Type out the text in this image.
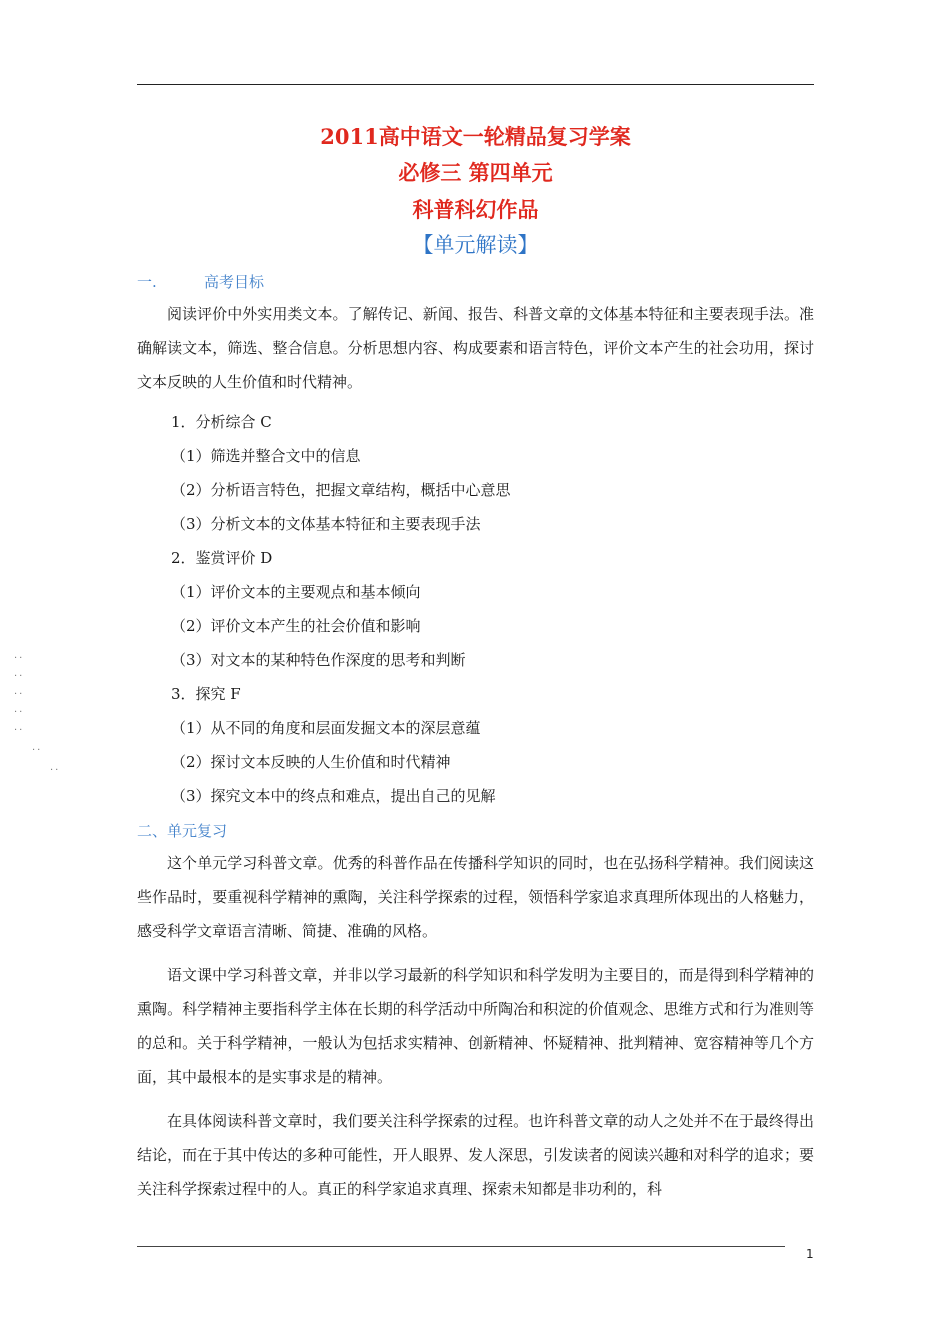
2011高中语文一轮精品复习学案
必修三 第四单元
科普科幻作品
【单元解读】
一.	高考目标

阅读评价中外实用类文本。了解传记、新闻、报告、科普文章的文体基本特征和主要表现手法。准确解读文本，筛选、整合信息。分析思想内容、构成要素和语言特色，评价文本产生的社会功用，探讨文本反映的人生价值和时代精神。

1．分析综合 C
（1）筛选并整合文中的信息
（2）分析语言特色，把握文章结构，概括中心意思
（3）分析文本的文体基本特征和主要表现手法
2．鉴赏评价 D
（1）评价文本的主要观点和基本倾向
（2）评价文本产生的社会价值和影响
（3）对文本的某种特色作深度的思考和判断
3．探究 F
（1）从不同的角度和层面发掘文本的深层意蕴
（2）探讨文本反映的人生价值和时代精神
（3）探究文本中的终点和难点，提出自己的见解
二、单元复习

这个单元学习科普文章。优秀的科普作品在传播科学知识的同时，也在弘扬科学精神。我们阅读这些作品时，要重视科学精神的熏陶，关注科学探索的过程，领悟科学家追求真理所体现出的人格魅力，感受科学文章语言清晰、简捷、准确的风格。

语文课中学习科普文章，并非以学习最新的科学知识和科学发明为主要目的，而是得到科学精神的熏陶。科学精神主要指科学主体在长期的科学活动中所陶冶和积淀的价值观念、思维方式和行为准则等的总和。关于科学精神，一般认为包括求实精神、创新精神、怀疑精神、批判精神、宽容精神等几个方面，其中最根本的是实事求是的精神。

在具体阅读科普文章时，我们要关注科学探索的过程。也许科普文章的动人之处并不在于最终得出结论，而在于其中传达的多种可能性，开人眼界、发人深思，引发读者的阅读兴趣和对科学的追求；要关注科学探索过程中的人。真正的科学家追求真理、探索未知都是非功利的，科

··
··
··
··
··
··
··
1
